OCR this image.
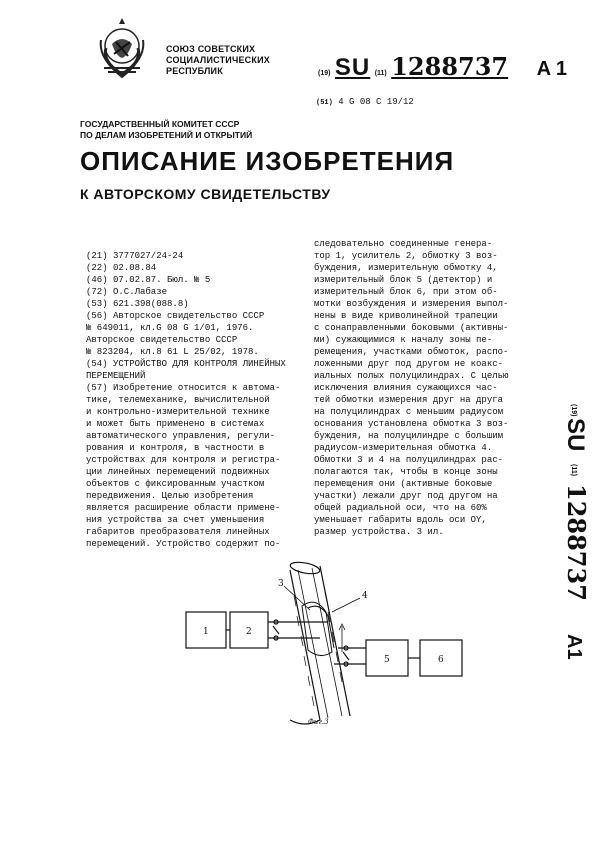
СОЮЗ СОВЕТСКИХ
СОЦИАЛИСТИЧЕСКИХ
РЕСПУБЛИК	(19) SU (11) 1288737 A 1
(51) 4 G 08 C 19/12
ГОСУДАРСТВЕННЫЙ КОМИТЕТ СССР
ПО ДЕЛАМ ИЗОБРЕТЕНИЙ И ОТКРЫТИЙ
ОПИСАНИЕ ИЗОБРЕТЕНИЯ
К АВТОРСКОМУ СВИДЕТЕЛЬСТВУ
(21) 3777027/24-24
(22) 02.08.84
(46) 07.02.87. Бюл. № 5
(72) О.С.Лабазе
(53) 621.398(088.8)
(56) Авторское свидетельство СССР
№ 649011, кл.G 08 G 1/01, 1976.
Авторское свидетельство СССР
№ 823204, кл.8 61 L 25/02, 1978.
(54) УСТРОЙСТВО ДЛЯ КОНТРОЛЯ ЛИНЕЙНЫХ
ПЕРЕМЕЩЕНИЙ
(57) Изобретение относится к автома-
тике, телемеханике, вычислительной
и контрольно-измерительной технике
и может быть применено в системах
автоматического управления, регули-
рования и контроля, в частности в
устройствах для контроля и регистра-
ции линейных перемещений подвижных
объектов с фиксированным участком
передвижения. Целью изобретения
является расширение области примене-
ния устройства за счет уменьшения
габаритов преобразователя линейных
перемещений. Устройство содержит по-
следовательно соединенные генера-
тор 1, усилитель 2, обмотку 3 воз-
буждения, измерительную обмотку 4,
измерительный блок 5 (детектор) и
измерительный блок 6, при этом об-
мотки возбуждения и измерения выпол-
нены в виде криволинейной трапеции
с сонаправленными боковыми (активны-
ми) сужающимися к началу зоны пе-
ремещения, участками обмоток, распо-
ложенными друг под другом не коакс-
иальных полых полуцилиндрах. С целью
исключения влияния сужающихся час-
тей обмотки измерения друг на друга
на полуцилиндрах с меньшим радиусом
основания установлена обмотка 3 воз-
буждения, на полуцилиндре с большим
радиусом-измерительная обмотка 4.
Обмотки 3 и 4 на полуцилиндрах рас-
полагаются так, чтобы в конце зоны
перемещения они (активные боковые
участки) лежали друг под другом на
общей радиальной оси, что на 60%
уменьшает габариты вдоль оси OY,
размер устройства. 3 ил.
1	2
5	6
3
4
Фиг.3
(19)
SU
(11)
1288737
A1
